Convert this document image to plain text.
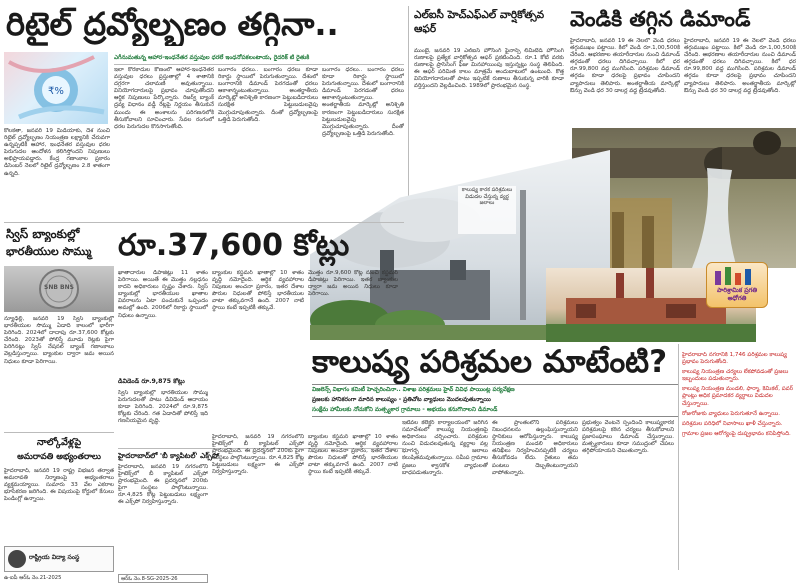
రిటైల్ ద్రవ్యోల్బణం తగ్గినా..
₹%
ఎగీనుమతున్న ఆహార-ఇంధనేతర వస్తువుల ధరలే ఇంధనోపకలంటాయ, రైదరిక్ టి రైతుకి
కోలకతా, జనవరి 19 మీడియాకు, దేశ నుంచి రిటైల్ ద్రవ్యోల్బణం నియంత్రణ లక్ష్యానికి చేరువగా ఉన్నప్పటికీ ఆహార, ఇంధనేతర వస్తువుల ధరల పెరుగుదల ఆందోళన కలిగిస్తోందని నిపుణులు అభిప్రాయపడ్డారు. కేంద్ర గణాంకాల ప్రకారం డిసెంబర్ నెలలో రిటైల్ ద్రవ్యోల్బణం 2.8 శాతంగా ఉన్నది.
ఇలా కొరకాదుల కోణంలో ఆహార-ఇంధనేతర వస్తువుల ధరలు ప్రస్తుతాల్లో 4 శాతానికి దగ్గరగా చలామణి అవుతున్నాయి. వినియోగదారులపై ప్రభావం చూపుతోందని ఆర్థిక నిపుణులు పేర్కొన్నారు. రిజర్వ్ బ్యాంక్ ద్రవ్య విధానం వడ్డీ రేట్లపై నిర్ణయం తీసుకునే ముందు ఈ అంశాలను పరిగణనలోకి తీసుకోవాలని సూచించారు. సేవల రంగంలో ధరల పెరుగుదల కొనసాగుతోంది.
బంగారం ధరలు.. బంగారం ధరలు కూడా రికార్డు స్థాయిలో పెరుగుతున్నాయి. దేశంలో బంగారానికి డిమాండ్ పెరగడంతో ధరలు ఆకాశాన్నంటుతున్నాయి. అంతర్జాతీయ మార్కెట్లో అనిశ్చితి కారణంగా పెట్టుబడిదారులు సురక్షిత పెట్టుబడులవైపు మొగ్గుచూపుతున్నారు. దీంతో ద్రవ్యోల్బణంపై ఒత్తిడి పెరుగుతోంది.
బంగారం ధరలు.. బంగారం ధరలు కూడా రికార్డు స్థాయిలో పెరుగుతున్నాయి. దేశంలో బంగారానికి డిమాండ్ పెరగడంతో ధరలు ఆకాశాన్నంటుతున్నాయి. అంతర్జాతీయ మార్కెట్లో అనిశ్చితి కారణంగా పెట్టుబడిదారులు సురక్షిత పెట్టుబడులవైపు మొగ్గుచూపుతున్నారు. దీంతో ద్రవ్యోల్బణంపై ఒత్తిడి పెరుగుతోంది.
ఎల్ఐసీ హెచ్ఎఫ్ఎల్ వార్షికోత్సవ ఆఫర్
ముంబై, జనవరి 19 ఎల్ఐసీ హౌసింగ్ ఫైనాన్స్ లిమిటెడ్ హౌసింగ్ రుణాలపై ప్రత్యేక వార్షికోత్సవ ఆఫర్ ప్రకటించింది. రూ.1 కోటి వరకు రుణాలపై ప్రాసెసింగ్ ఫీజు మినహాయింపు ఇస్తున్నట్లు సంస్థ తెలిపింది. ఈ ఆఫర్ పరిమిత కాలం మాత్రమే అందుబాటులో ఉంటుంది. కొత్త వినియోగదారులతో పాటు ఇప్పటికే రుణాలు తీసుకున్న వారికి కూడా వర్తిస్తుందని వెల్లడించింది. 1989లో ప్రారంభమైన సంస్థ.
వెండికి తగ్గిన డిమాండ్
హైదరాబాద్, జనవరి 19 ఈ నెలలో వెండి ధరలు తగ్గుముఖం పట్టాయి. కిలో వెండి రూ.1,00,500కి చేరింది. ఆభరణాల తయారీదారుల నుంచి డిమాండ్ తగ్గడంతో ధరలు దిగివచ్చాయి. కిలో ధర రూ.99,800 వద్ద ముగిసింది. పరిశ్రమల డిమాండ్ తగ్గడం కూడా ధరలపై ప్రభావం చూపిందని వ్యాపారులు తెలిపారు. అంతర్జాతీయ మార్కెట్లో ఔన్సు వెండి ధర 30 డాలర్ల వద్ద ట్రేడవుతోంది.
హైదరాబాద్, జనవరి 19 ఈ నెలలో వెండి ధరలు తగ్గుముఖం పట్టాయి. కిలో వెండి రూ.1,00,500కి చేరింది. ఆభరణాల తయారీదారుల నుంచి డిమాండ్ తగ్గడంతో ధరలు దిగివచ్చాయి. కిలో ధర రూ.99,800 వద్ద ముగిసింది. పరిశ్రమల డిమాండ్ తగ్గడం కూడా ధరలపై ప్రభావం చూపిందని వ్యాపారులు తెలిపారు. అంతర్జాతీయ మార్కెట్లో ఔన్సు వెండి ధర 30 డాలర్ల వద్ద ట్రేడవుతోంది.
కాలుష్య కారక పరిశ్రమలు విడుదల చేస్తున్న వ్యర్థ జలాలు
పారిశ్రామిక ప్రగతి అధోగతి
స్విస్ బ్యాంకుల్లో
భారతీయుల సొమ్ము రూ.37,600 కోట్లు
SNB BNS
న్యూఢిల్లీ, జనవరి 19 స్విస్ బ్యాంకుల్లో భారతీయుల సొమ్ము ఏడాది కాలంలో భారీగా పెరిగింది. 2024లో దాదాపు రూ.37,600 కోట్లకు చేరింది. 2023తో పోలిస్తే మూడు రెట్లకు పైగా పెరిగినట్లు స్విస్ నేషనల్ బ్యాంక్ గణాంకాలు వెల్లడిస్తున్నాయి. బ్యాంకుల ద్వారా జమ అయిన నిధులు కూడా పెరిగాయి.
ఖాతాదారుల డిపాజిట్లు 11 శాతం పెరిగాయి. అయితే ఈ మొత్తం నల్లధనం కాదని అధికారులు స్పష్టం చేశారు. స్విస్ బ్యాంకుల్లో భారతీయుల ఖాతాల వివరాలను ఏటా పంచుకునే ఒప్పందం అమల్లో ఉంది. 2006లో రికార్డు స్థాయిలో నిధులు ఉన్నాయి.
బ్యాంకుల కస్టమర్ ఖాతాల్లో 10 శాతం వృద్ధి నమోదైంది. ఆర్థిక వ్యవహారాల నిపుణుల అంచనా ప్రకారం, ఇతర దేశాల పౌరుల నిధులతో పోలిస్తే భారతీయుల వాటా తక్కువగానే ఉంది. 2007 నాటి స్థాయి కంటే ఇప్పటికీ తక్కువే.
మొత్తం రూ.9,600 కోట్ల నుంచి కస్టమర్ డిపాజిట్లు పెరిగాయి. ఇతర బ్యాంకుల ద్వారా జమ అయిన నిధులు కూడా పెరిగాయి.
డివిడెండ్ రూ.9,875 కోట్లు
స్విస్ బ్యాంకుల్లో భారతీయుల సొమ్ము పెరుగుదలతో పాటు డివిడెండ్ ఆదాయం కూడా పెరిగింది. 2024లో రూ.9,875 కోట్లకు చేరింది. గత ఏడాదితో పోలిస్తే ఇది గణనీయమైన వృద్ధి.
నాల్కోవేళ్లపై
అమరావతి అభ్యంతరాలు
హైదరాబాద్, జనవరి 19 రాష్ట్ర విభజన తర్వాత అమరావతి నిర్మాణంపై అభ్యంతరాలు వ్యక్తమయ్యాయి. సుమారు 33 వేల ఎకరాల భూసేకరణ జరిగింది. ఈ విషయంపై కోర్టులో కేసులు పెండింగ్లో ఉన్నాయి.
హైదరాబాద్‌లో 'బీ క్యాపిటల్' ఎక్స్‌పో
హైదరాబాద్, జనవరి 19 నగరంలోని హైటెక్స్‌లో బీ క్యాపిటల్ ఎక్స్‌పో ప్రారంభమైంది. ఈ ప్రదర్శనలో 200కు పైగా సంస్థలు పాల్గొంటున్నాయి. రూ.4,825 కోట్ల పెట్టుబడులు లక్ష్యంగా ఈ ఎక్స్‌పో నిర్వహిస్తున్నారు.
హైదరాబాద్, జనవరి 19 నగరంలోని హైటెక్స్‌లో బీ క్యాపిటల్ ఎక్స్‌పో ప్రారంభమైంది. ఈ ప్రదర్శనలో 200కు పైగా సంస్థలు పాల్గొంటున్నాయి. రూ.4,825 కోట్ల పెట్టుబడులు లక్ష్యంగా ఈ ఎక్స్‌పో నిర్వహిస్తున్నారు.
బ్యాంకుల కస్టమర్ ఖాతాల్లో 10 శాతం వృద్ధి నమోదైంది. ఆర్థిక వ్యవహారాల నిపుణుల అంచనా ప్రకారం, ఇతర దేశాల పౌరుల నిధులతో పోలిస్తే భారతీయుల వాటా తక్కువగానే ఉంది. 2007 నాటి స్థాయి కంటే ఇప్పటికీ తక్కువే.
కాలుష్య పరిశ్రమల మాటేంటి?
విజలెన్స్ విభాగం కమిటీ హెచ్చరించినా.. విశాఖ పరిశ్రమలు హైవ్ వివిధ పాయింట్ల పర్యవేక్షణ
ప్రజలకు హానికరంగా మారిన కాలుష్యం - ప్రతిచోట వ్యాధులు మొదలవుతున్నాయి
సంక్షేమ హామీలకు నోచుకోని మత్స్యకార గ్రామాలు - అభయం కనుగొనాలని డిమాండ్
ఇటీవల కలెక్టర్ కార్యాలయంలో జరిగిన సమావేశంలో కాలుష్య నియంత్రణపై అధికారులు చర్చించారు. పరిశ్రమల నుంచి విడుదలవుతున్న వ్యర్థాల వల్ల భూగర్భ జలాలు కలుషితమవుతున్నాయి. సమీప గ్రామాల ప్రజలు శ్వాసకోశ వ్యాధులతో బాధపడుతున్నారు.
ఈ ప్రాంతంలోని పరిశ్రమలు నిబంధనలను ఉల్లంఘిస్తున్నాయని స్థానికులు ఆరోపిస్తున్నారు. కాలుష్య నియంత్రణ మండలి అధికారులు తనిఖీలు నిర్వహించినప్పటికీ చర్యలు తీసుకోవడం లేదు. రైతులు తమ పంటలు దెబ్బతింటున్నాయని వాపోతున్నారు.
ప్రభుత్వం వెంటనే స్పందించి కాలుష్యకారక పరిశ్రమలపై కఠిన చర్యలు తీసుకోవాలని ప్రజాసంఘాలు డిమాండ్ చేస్తున్నాయి. మత్స్యకారులు కూడా సముద్రంలో చేపలు తగ్గిపోయాయని చెబుతున్నారు.
హైదరాబాద్ నగరానికి 1,746 పరిశ్రమల కాలుష్య ప్రభావం పెరుగుతోంది.
కాలుష్య నియంత్రణ చర్యలు లేకపోవడంతో ప్రజలు ఇబ్బందులు పడుతున్నారు.
కాలుష్య నియంత్రణ మండలి, ఫార్మా, కెమికల్, పవర్ ప్లాంట్లు అధిక ప్రమాదకర వ్యర్థాలు విడుదల చేస్తున్నాయి.
రోజురోజుకు వ్యాధులు పెరుగుతూనే ఉన్నాయి.
పరిశ్రమల పరిధిలో నివాసాలు ఖాళీ చేస్తున్నారు.
గ్రామాల ప్రజల ఆరోగ్యంపై దుష్ప్రభావం కనిపిస్తోంది.
రాష్ట్రీయ విద్యా సంస్థ
ఉ-ఐపీ ఆర్ఓ నెం.21-2025	ఆర్ఓ నెం.8-SG-2025-26
